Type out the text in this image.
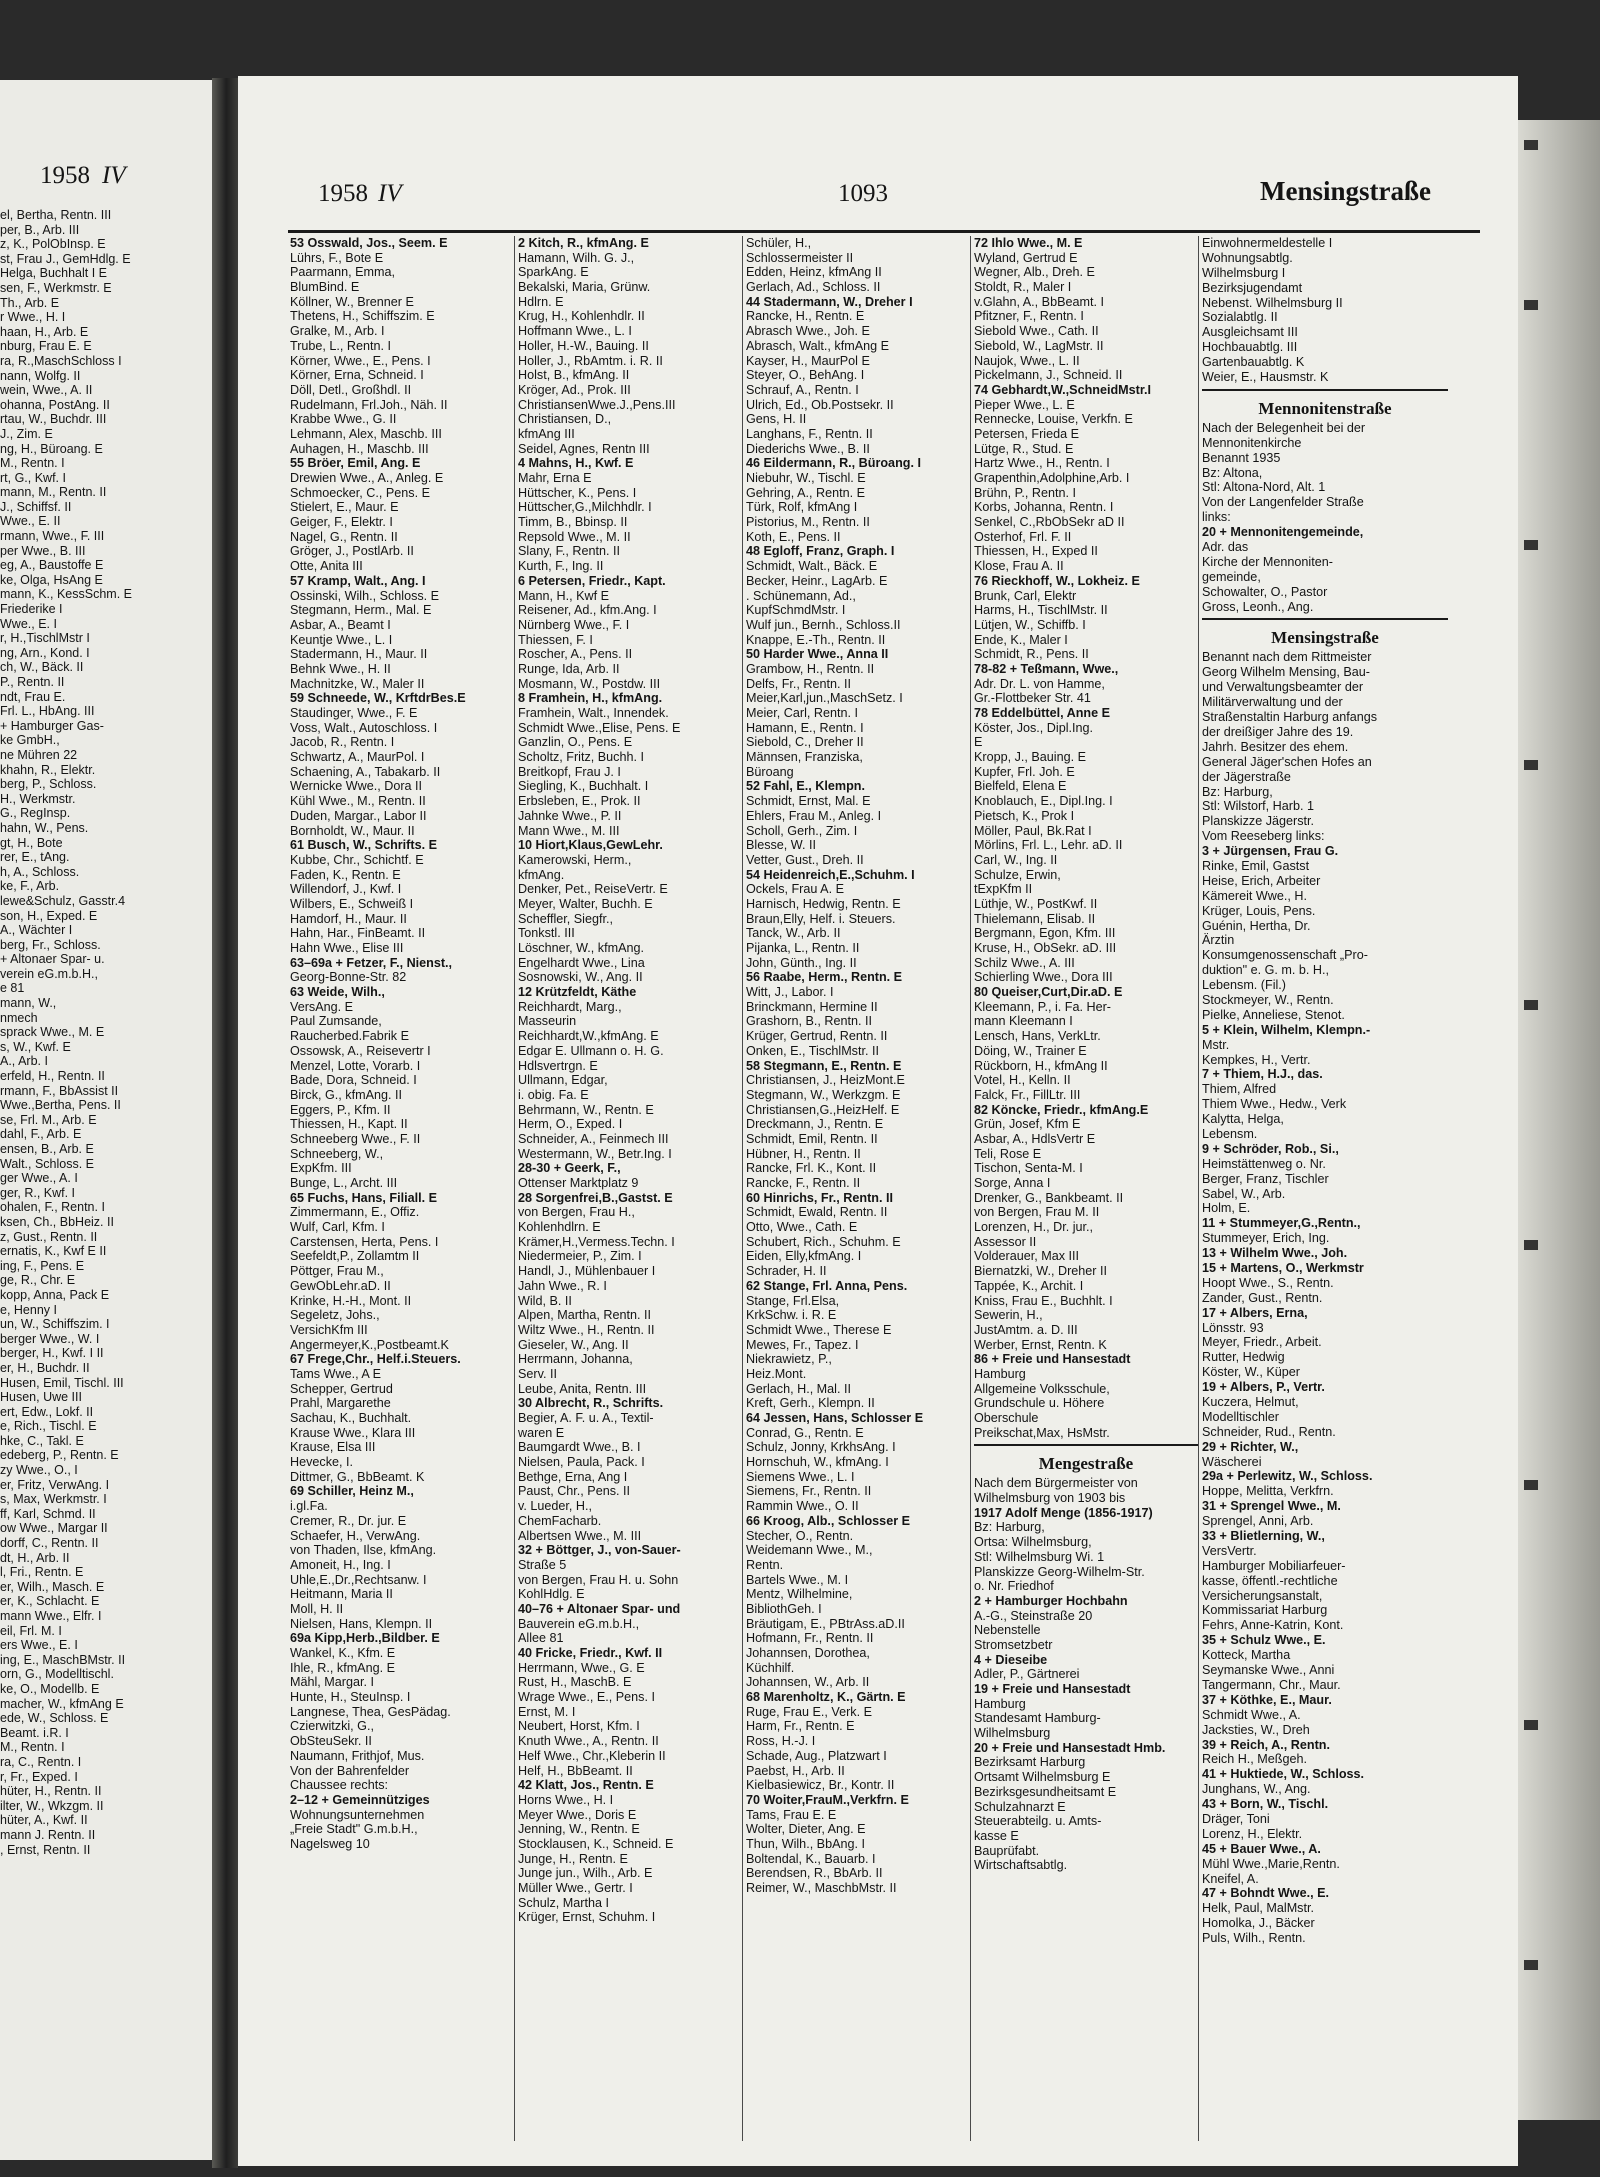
1958 IV
el, Bertha, Rentn. III
per, B., Arb. III
z, K., PolObInsp. E
st, Frau J., GemHdlg. E
Helga, Buchhalt I E
sen, F., Werkmstr. E
Th., Arb. E
r Wwe., H. I
haan, H., Arb. E
nburg, Frau E. E
ra, R.,MaschSchloss I
nann, Wolfg. II
wein, Wwe., A. II
ohanna, PostAng. II
rtau, W., Buchdr. III
J., Zim. E
ng, H., Büroang. E
M., Rentn. I
rt, G., Kwf. I
mann, M., Rentn. II
J., Schiffsf. II
Wwe., E. II
rmann, Wwe., F. III
per Wwe., B. III
eg, A., Baustoffe E
ke, Olga, HsAng E
mann, K., KessSchm. E
Friederike I
Wwe., E. I
r, H.,TischlMstr I
ng, Arn., Kond. I
ch, W., Bäck. II
P., Rentn. II
ndt, Frau E.
Frl. L., HbAng. III
+ Hamburger Gas-
ke GmbH.,
ne Mühren 22
khahn, R., Elektr.
berg, P., Schloss.
H., Werkmstr.
G., RegInsp.
hahn, W., Pens.
gt, H., Bote
rer, E., tAng.
h, A., Schloss.
ke, F., Arb.
lewe&Schulz, Gasstr.4
son, H., Exped. E
A., Wächter I
berg, Fr., Schloss.
+ Altonaer Spar- u.
verein eG.m.b.H.,
e 81
mann, W.,
nmech
sprack Wwe., M. E
s, W., Kwf. E
A., Arb. I
erfeld, H., Rentn. II
rmann, F., BbAssist II
Wwe.,Bertha, Pens. II
se, Frl. M., Arb. E
dahl, F., Arb. E
ensen, B., Arb. E
Walt., Schloss. E
ger Wwe., A. I
ger, R., Kwf. I
ohalen, F., Rentn. I
ksen, Ch., BbHeiz. II
z, Gust., Rentn. II
ernatis, K., Kwf E II
ing, F., Pens. E
ge, R., Chr. E
kopp, Anna, Pack E
e, Henny I
un, W., Schiffszim. I
berger Wwe., W. I
berger, H., Kwf. I II
er, H., Buchdr. II
Husen, Emil, Tischl. III
Husen, Uwe III
ert, Edw., Lokf. II
e, Rich., Tischl. E
hke, C., Takl. E
edeberg, P., Rentn. E
zy Wwe., O., I
er, Fritz, VerwAng. I
s, Max, Werkmstr. I
ff, Karl, Schmd. II
ow Wwe., Margar II
dorff, C., Rentn. II
dt, H., Arb. II
l, Fri., Rentn. E
er, Wilh., Masch. E
er, K., Schlacht. E
mann Wwe., Elfr. I
eil, Frl. M. I
ers Wwe., E. I
ing, E., MaschBMstr. II
orn, G., Modelltischl.
ke, O., Modellb. E
macher, W., kfmAng E
ede, W., Schloss. E
Beamt. i.R. I
M., Rentn. I
ra, C., Rentn. I
r, Fr., Exped. I
hüter, H., Rentn. II
ilter, W., Wkzgm. II
hüter, A., Kwf. II
mann J. Rentn. II
, Ernst, Rentn. II
1958 IV	1093	Mensingstraße
53 Osswald, Jos., Seem. E
Lührs, F., Bote E
Paarmann, Emma,
BlumBind. E
Köllner, W., Brenner E
Thetens, H., Schiffszim. E
Gralke, M., Arb. I
Trube, L., Rentn. I
Körner, Wwe., E., Pens. I
Körner, Erna, Schneid. I
Döll, Detl., Großhdl. II
Rudelmann, Frl.Joh., Näh. II
Krabbe Wwe., G. II
Lehmann, Alex, Maschb. III
Auhagen, H., Maschb. III
55 Bröer, Emil, Ang. E
Drewien Wwe., A., Anleg. E
Schmoecker, C., Pens. E
Stielert, E., Maur. E
Geiger, F., Elektr. I
Nagel, G., Rentn. II
Gröger, J., PostlArb. II
Otte, Anita III
57 Kramp, Walt., Ang. I
Ossinski, Wilh., Schloss. E
Stegmann, Herm., Mal. E
Asbar, A., Beamt I
Keuntje Wwe., L. I
Stadermann, H., Maur. II
Behnk Wwe., H. II
Machnitzke, W., Maler II
59 Schneede, W., KrftdrBes.E
Staudinger, Wwe., F. E
Voss, Walt., Autoschloss. I
Jacob, R., Rentn. I
Schwartz, A., MaurPol. I
Schaening, A., Tabakarb. II
Wernicke Wwe., Dora II
Kühl Wwe., M., Rentn. II
Duden, Margar., Labor II
Bornholdt, W., Maur. II
61 Busch, W., Schrifts. E
Kubbe, Chr., Schichtf. E
Faden, K., Rentn. E
Willendorf, J., Kwf. I
Wilbers, E., Schweiß I
Hamdorf, H., Maur. II
Hahn, Har., FinBeamt. II
Hahn Wwe., Elise III
63–69a + Fetzer, F., Nienst.,
Georg-Bonne-Str. 82
63 Weide, Wilh.,
VersAng. E
Paul Zumsande,
Raucherbed.Fabrik E
Ossowsk, A., Reisevertr I
Menzel, Lotte, Vorarb. I
Bade, Dora, Schneid. I
Birck, G., kfmAng. II
Eggers, P., Kfm. II
Thiessen, H., Kapt. II
Schneeberg Wwe., F. II
Schneeberg, W.,
ExpKfm. III
Bunge, L., Archt. III
65 Fuchs, Hans, Filiall. E
Zimmermann, E., Offiz.
Wulf, Carl, Kfm. I
Carstensen, Herta, Pens. I
Seefeldt,P., Zollamtm II
Pöttger, Frau M.,
GewObLehr.aD. II
Krinke, H.-H., Mont. II
Segeletz, Johs.,
VersichKfm III
Angermeyer,K.,Postbeamt.K
67 Frege,Chr., Helf.i.Steuers.
Tams Wwe., A E
Schepper, Gertrud
Prahl, Margarethe
Sachau, K., Buchhalt.
Krause Wwe., Klara III
Krause, Elsa III
Hevecke, I.
Dittmer, G., BbBeamt. K
69 Schiller, Heinz M.,
i.gl.Fa.
Cremer, R., Dr. jur. E
Schaefer, H., VerwAng.
von Thaden, Ilse, kfmAng.
Amoneit, H., Ing. I
Uhle,E.,Dr.,Rechtsanw. I
Heitmann, Maria II
Moll, H. II
Nielsen, Hans, Klempn. II
69a Kipp,Herb.,Bildber. E
Wankel, K., Kfm. E
Ihle, R., kfmAng. E
Mähl, Margar. I
Hunte, H., SteuInsp. I
Langnese, Thea, GesPädag.
Czierwitzki, G.,
ObSteuSekr. II
Naumann, Frithjof, Mus.
Von der Bahrenfelder
Chaussee rechts:
2–12 + Gemeinnütziges
Wohnungsunternehmen
„Freie Stadt" G.m.b.H.,
Nagelsweg 10
2 Kitch, R., kfmAng. E
Hamann, Wilh. G. J.,
SparkAng. E
Bekalski, Maria, Grünw.
Hdlrn. E
Krug, H., Kohlenhdlr. II
Hoffmann Wwe., L. I
Holler, H.-W., Bauing. II
Holler, J., RbAmtm. i. R. II
Holst, B., kfmAng. II
Kröger, Ad., Prok. III
ChristiansenWwe.J.,Pens.III
Christiansen, D.,
kfmAng III
Seidel, Agnes, Rentn III
4 Mahns, H., Kwf. E
Mahr, Erna E
Hüttscher, K., Pens. I
Hüttscher,G.,Milchhdlr. I
Timm, B., Bbinsp. II
Repsold Wwe., M. II
Slany, F., Rentn. II
Kurth, F., Ing. II
6 Petersen, Friedr., Kapt.
Mann, H., Kwf E
Reisener, Ad., kfm.Ang. I
Nürnberg Wwe., F. I
Thiessen, F. I
Roscher, A., Pens. II
Runge, Ida, Arb. II
Mosmann, W., Postdw. III
8 Framhein, H., kfmAng.
Framhein, Walt., Innendek.
Schmidt Wwe.,Elise, Pens. E
Ganzlin, O., Pens. E
Scholtz, Fritz, Buchh. I
Breitkopf, Frau J. I
Siegling, K., Buchhalt. I
Erbsleben, E., Prok. II
Jahnke Wwe., P. II
Mann Wwe., M. III
10 Hiort,Klaus,GewLehr.
Kamerowski, Herm.,
kfmAng.
Denker, Pet., ReiseVertr. E
Meyer, Walter, Buchh. E
Scheffler, Siegfr.,
Tonkstl. III
Löschner, W., kfmAng.
Engelhardt Wwe., Lina
Sosnowski, W., Ang. II
12 Krützfeldt, Käthe
Reichhardt, Marg.,
Masseurin
Reichhardt,W.,kfmAng. E
Edgar E. Ullmann o. H. G.
Hdlsvertrgn. E
Ullmann, Edgar,
i. obig. Fa. E
Behrmann, W., Rentn. E
Herm, O., Exped. I
Schneider, A., Feinmech III
Westermann, W., Betr.Ing. I
28-30 + Geerk, F.,
Ottenser Marktplatz 9
28 Sorgenfrei,B.,Gastst. E
von Bergen, Frau H.,
Kohlenhdlrn. E
Krämer,H.,Vermess.Techn. I
Niedermeier, P., Zim. I
Handl, J., Mühlenbauer I
Jahn Wwe., R. I
Wild, B. II
Alpen, Martha, Rentn. II
Wiltz Wwe., H., Rentn. II
Gieseler, W., Ang. II
Herrmann, Johanna,
Serv. II
Leube, Anita, Rentn. III
30 Albrecht, R., Schrifts.
Begier, A. F. u. A., Textil-
waren E
Baumgardt Wwe., B. I
Nielsen, Paula, Pack. I
Bethge, Erna, Ang I
Paust, Chr., Pens. II
v. Lueder, H.,
ChemFacharb.
Albertsen Wwe., M. III
32 + Böttger, J., von-Sauer-
Straße 5
von Bergen, Frau H. u. Sohn
KohlHdlg. E
40–76 + Altonaer Spar- und
Bauverein eG.m.b.H.,
Allee 81
40 Fricke, Friedr., Kwf. II
Herrmann, Wwe., G. E
Rust, H., MaschB. E
Wrage Wwe., E., Pens. I
Ernst, M. I
Neubert, Horst, Kfm. I
Knuth Wwe., A., Rentn. II
Helf Wwe., Chr.,Kleberin II
Helf, H., BbBeamt. II
42 Klatt, Jos., Rentn. E
Horns Wwe., H. I
Meyer Wwe., Doris E
Jenning, W., Rentn. E
Stocklausen, K., Schneid. E
Junge, H., Rentn. E
Junge jun., Wilh., Arb. E
Müller Wwe., Gertr. I
Schulz, Martha I
Krüger, Ernst, Schuhm. I
Schüler, H.,
Schlossermeister II
Edden, Heinz, kfmAng II
Gerlach, Ad., Schloss. II
44 Stadermann, W., Dreher I
Rancke, H., Rentn. E
Abrasch Wwe., Joh. E
Abrasch, Walt., kfmAng E
Kayser, H., MaurPol E
Steyer, O., BehAng. I
Schrauf, A., Rentn. I
Ulrich, Ed., Ob.Postsekr. II
Gens, H. II
Langhans, F., Rentn. II
Diederichs Wwe., B. II
46 Eildermann, R., Büroang. I
Niebuhr, W., Tischl. E
Gehring, A., Rentn. E
Türk, Rolf, kfmAng I
Pistorius, M., Rentn. II
Koth, E., Pens. II
48 Egloff, Franz, Graph. I
Schmidt, Walt., Bäck. E
Becker, Heinr., LagArb. E
. Schünemann, Ad.,
KupfSchmdMstr. I
Wulf jun., Bernh., Schloss.II
Knappe, E.-Th., Rentn. II
50 Harder Wwe., Anna II
Grambow, H., Rentn. II
Delfs, Fr., Rentn. II
Meier,Karl,jun.,MaschSetz. I
Meier, Carl, Rentn. I
Hamann, E., Rentn. I
Siebold, C., Dreher II
Männsen, Franziska,
Büroang
52 Fahl, E., Klempn.
Schmidt, Ernst, Mal. E
Ehlers, Frau M., Anleg. I
Scholl, Gerh., Zim. I
Blesse, W. II
Vetter, Gust., Dreh. II
54 Heidenreich,E.,Schuhm. I
Ockels, Frau A. E
Harnisch, Hedwig, Rentn. E
Braun,Elly, Helf. i. Steuers.
Tanck, W., Arb. II
Pijanka, L., Rentn. II
John, Günth., Ing. II
56 Raabe, Herm., Rentn. E
Witt, J., Labor. I
Brinckmann, Hermine II
Grashorn, B., Rentn. II
Krüger, Gertrud, Rentn. II
Onken, E., TischlMstr. II
58 Stegmann, E., Rentn. E
Christiansen, J., HeizMont.E
Stegmann, W., Werkzgm. E
Christiansen,G.,HeizHelf. E
Dreckmann, J., Rentn. E
Schmidt, Emil, Rentn. II
Hübner, H., Rentn. II
Rancke, Frl. K., Kont. II
Rancke, F., Rentn. II
60 Hinrichs, Fr., Rentn. II
Schmidt, Ewald, Rentn. II
Otto, Wwe., Cath. E
Schubert, Rich., Schuhm. E
Eiden, Elly,kfmAng. I
Schrader, H. II
62 Stange, Frl. Anna, Pens.
Stange, Frl.Elsa,
KrkSchw. i. R. E
Schmidt Wwe., Therese E
Mewes, Fr., Tapez. I
Niekrawietz, P.,
Heiz.Mont.
Gerlach, H., Mal. II
Kreft, Gerh., Klempn. II
64 Jessen, Hans, Schlosser E
Conrad, G., Rentn. E
Schulz, Jonny, KrkhsAng. I
Hornschuh, W., kfmAng. I
Siemens Wwe., L. I
Siemens, Fr., Rentn. II
Rammin Wwe., O. II
66 Kroog, Alb., Schlosser E
Stecher, O., Rentn.
Weidemann Wwe., M.,
Rentn.
Bartels Wwe., M. I
Mentz, Wilhelmine,
BibliothGeh. I
Bräutigam, E., PBtrAss.aD.II
Hofmann, Fr., Rentn. II
Johannsen, Dorothea,
Küchhilf.
Johannsen, W., Arb. II
68 Marenholtz, K., Gärtn. E
Ruge, Frau E., Verk. E
Harm, Fr., Rentn. E
Ross, H.-J. I
Schade, Aug., Platzwart I
Paebst, H., Arb. II
Kielbasiewicz, Br., Kontr. II
70 Woiter,FrauM.,Verkfrn. E
Tams, Frau E. E
Wolter, Dieter, Ang. E
Thun, Wilh., BbAng. I
Boltendal, K., Bauarb. I
Berendsen, R., BbArb. II
Reimer, W., MaschbMstr. II
72 Ihlo Wwe., M. E
Wyland, Gertrud E
Wegner, Alb., Dreh. E
Stoldt, R., Maler I
v.Glahn, A., BbBeamt. I
Pfitzner, F., Rentn. I
Siebold Wwe., Cath. II
Siebold, W., LagMstr. II
Naujok, Wwe., L. II
Pickelmann, J., Schneid. II
74 Gebhardt,W.,SchneidMstr.I
Pieper Wwe., L. E
Rennecke, Louise, Verkfn. E
Petersen, Frieda E
Lütge, R., Stud. E
Hartz Wwe., H., Rentn. I
Grapenthin,Adolphine,Arb. I
Brühn, P., Rentn. I
Korbs, Johanna, Rentn. I
Senkel, C.,RbObSekr aD II
Osterhof, Frl. F. II
Thiessen, H., Exped II
Klose, Frau A. II
76 Rieckhoff, W., Lokheiz. E
Brunk, Carl, Elektr
Harms, H., TischlMstr. II
Lütjen, W., Schiffb. I
Ende, K., Maler I
Schmidt, R., Pens. II
78-82 + Teßmann, Wwe.,
Adr. Dr. L. von Hamme,
Gr.-Flottbeker Str. 41
78 Eddelbüttel, Anne E
Köster, Jos., Dipl.Ing.
E
Kropp, J., Bauing. E
Kupfer, Frl. Joh. E
Bielfeld, Elena E
Knoblauch, E., Dipl.Ing. I
Pietsch, K., Prok I
Möller, Paul, Bk.Rat I
Mörlins, Frl. L., Lehr. aD. II
Carl, W., Ing. II
Schulze, Erwin,
tExpKfm II
Lüthje, W., PostKwf. II
Thielemann, Elisab. II
Bergmann, Egon, Kfm. III
Kruse, H., ObSekr. aD. III
Schilz Wwe., A. III
Schierling Wwe., Dora III
80 Queiser,Curt,Dir.aD. E
Kleemann, P., i. Fa. Her-
mann Kleemann I
Lensch, Hans, VerkLtr.
Döing, W., Trainer E
Rückborn, H., kfmAng II
Votel, H., Kelln. II
Falck, Fr., FillLtr. III
82 Köncke, Friedr., kfmAng.E
Grün, Josef, Kfm E
Asbar, A., HdlsVertr E
Teli, Rose E
Tischon, Senta-M. I
Sorge, Anna I
Drenker, G., Bankbeamt. II
von Bergen, Frau M. II
Lorenzen, H., Dr. jur.,
Assessor II
Volderauer, Max III
Biernatzki, W., Dreher II
Tappée, K., Archit. I
Kniss, Frau E., Buchhlt. I
Sewerin, H.,
JustAmtm. a. D. III
Werber, Ernst, Rentn. K
86 + Freie und Hansestadt
Hamburg
Allgemeine Volksschule,
Grundschule u. Höhere
Oberschule
Preikschat,Max, HsMstr.
Mengestraße
Nach dem Bürgermeister von
Wilhelmsburg von 1903 bis
1917 Adolf Menge (1856-1917)
Bz: Harburg,
Ortsa: Wilhelmsburg,
Stl: Wilhelmsburg Wi. 1
Planskizze Georg-Wilhelm-Str.
o. Nr. Friedhof
2 + Hamburger Hochbahn
A.-G., Steinstraße 20
Nebenstelle
Stromsetzbetr
4 + Dieseibe
Adler, P., Gärtnerei
19 + Freie und Hansestadt
Hamburg
Standesamt Hamburg-
Wilhelmsburg
20 + Freie und Hansestadt Hmb.
Bezirksamt Harburg
Ortsamt Wilhelmsburg E
Bezirksgesundheitsamt E
Schulzahnarzt E
Steuerabteilg. u. Amts-
kasse E
Bauprüfabt.
Wirtschaftsabtlg.
Einwohnermeldestelle I
Wohnungsabtlg.
Wilhelmsburg I
Bezirksjugendamt
Nebenst. Wilhelmsburg II
Sozialabtlg. II
Ausgleichsamt III
Hochbauabtlg. III
Gartenbauabtlg. K
Weier, E., Hausmstr. K
Mennonitenstraße
Nach der Belegenheit bei der
Mennonitenkirche
Benannt 1935
Bz: Altona,
Stl: Altona-Nord, Alt. 1
Von der Langenfelder Straße
links:
20 + Mennonitengemeinde,
Adr. das
Kirche der Mennoniten-
gemeinde,
Schowalter, O., Pastor
Gross, Leonh., Ang.
Mensingstraße
Benannt nach dem Rittmeister
Georg Wilhelm Mensing, Bau-
und Verwaltungsbeamter der
Militärverwaltung und der
Straßenstaltin Harburg anfangs
der dreißiger Jahre des 19.
Jahrh. Besitzer des ehem.
General Jäger'schen Hofes an
der Jägerstraße
Bz: Harburg,
Stl: Wilstorf, Harb. 1
Planskizze Jägerstr.
Vom Reeseberg links:
3 + Jürgensen, Frau G.
Rinke, Emil, Gastst
Heise, Erich, Arbeiter
Kämereit Wwe., H.
Krüger, Louis, Pens.
Guénin, Hertha, Dr.
Ärztin
Konsumgenossenschaft „Pro-
duktion" e. G. m. b. H.,
Lebensm. (Fil.)
Stockmeyer, W., Rentn.
Pielke, Anneliese, Stenot.
5 + Klein, Wilhelm, Klempn.-
Mstr.
Kempkes, H., Vertr.
7 + Thiem, H.J., das.
Thiem, Alfred
Thiem Wwe., Hedw., Verk
Kalytta, Helga,
Lebensm.
9 + Schröder, Rob., Si.,
Heimstättenweg o. Nr.
Berger, Franz, Tischler
Sabel, W., Arb.
Holm, E.
11 + Stummeyer,G.,Rentn.,
Stummeyer, Erich, Ing.
13 + Wilhelm Wwe., Joh.
15 + Martens, O., Werkmstr
Hoopt Wwe., S., Rentn.
Zander, Gust., Rentn.
17 + Albers, Erna,
Lönsstr. 93
Meyer, Friedr., Arbeit.
Rutter, Hedwig
Köster, W., Küper
19 + Albers, P., Vertr.
Kuczera, Helmut,
Modelltischler
Schneider, Rud., Rentn.
29 + Richter, W.,
Wäscherei
29a + Perlewitz, W., Schloss.
Hoppe, Melitta, Verkfrn.
31 + Sprengel Wwe., M.
Sprengel, Anni, Arb.
33 + Blietlerning, W.,
VersVertr.
Hamburger Mobiliarfeuer-
kasse, öffentl.-rechtliche
Versicherungsanstalt,
Kommissariat Harburg
Fehrs, Anne-Katrin, Kont.
35 + Schulz Wwe., E.
Kotteck, Martha
Seymanske Wwe., Anni
Tangermann, Chr., Maur.
37 + Köthke, E., Maur.
Schmidt Wwe., A.
Jacksties, W., Dreh
39 + Reich, A., Rentn.
Reich H., Meßgeh.
41 + Huktiede, W., Schloss.
Junghans, W., Ang.
43 + Born, W., Tischl.
Dräger, Toni
Lorenz, H., Elektr.
45 + Bauer Wwe., A.
Mühl Wwe.,Marie,Rentn.
Kneifel, A.
47 + Bohndt Wwe., E.
Helk, Paul, MalMstr.
Homolka, J., Bäcker
Puls, Wilh., Rentn.
